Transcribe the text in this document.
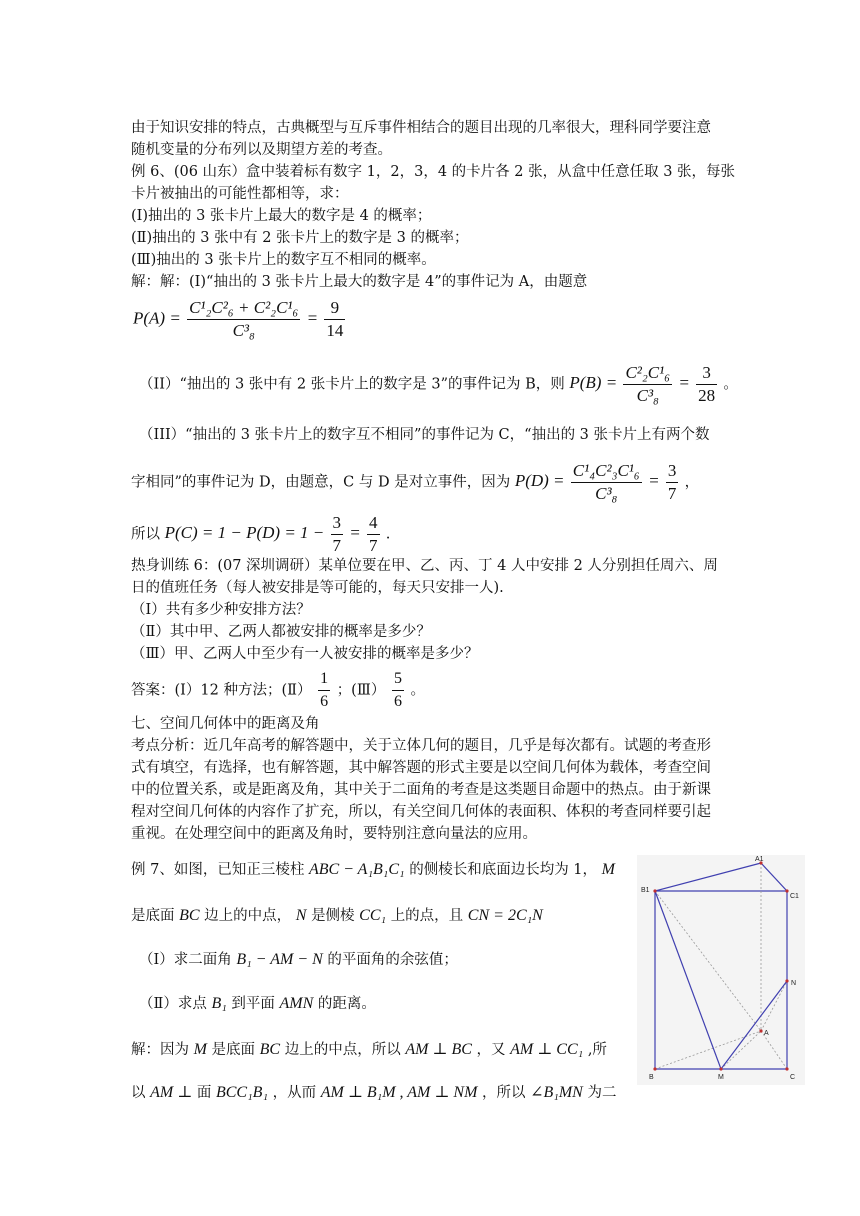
由于知识安排的特点，古典概型与互斥事件相结合的题目出现的几率很大，理科同学要注意
随机变量的分布列以及期望方差的考查。
例 6、(06 山东）盒中装着标有数字 1，2，3，4 的卡片各 2 张，从盒中任意任取 3 张，每张
卡片被抽出的可能性都相等，求：
(Ⅰ)抽出的 3 张卡片上最大的数字是 4 的概率；
(Ⅱ)抽出的 3 张中有 2 张卡片上的数字是 3 的概率；
(Ⅲ)抽出的 3 张卡片上的数字互不相同的概率。
解：解：(I)“抽出的 3 张卡片上最大的数字是 4”的事件记为 A，由题意
$P(A) = \frac{\text{C¹₂C²₆ + C²₂C¹₆}}{\text{C³₈}} = \frac{9}{14}$
（II）“抽出的 3 张中有 2 张卡片上的数字是 3”的事件记为 B，则 $P(B) = \frac{\text{C²₂C¹₆}}{\text{C³₈}} = \frac{3}{28}$ 。
（III）“抽出的 3 张卡片上的数字互不相同”的事件记为 C，“抽出的 3 张卡片上有两个数
字相同”的事件记为 D，由题意，C 与 D 是对立事件，因为 $P(D) = \frac{\text{C¹₄C²₃C¹₆}}{\text{C³₈}} = \frac{3}{7}$ ，
所以 $P(C) = 1 - P(D) = 1 - \frac{3}{7} = \frac{4}{7}$ .
热身训练 6：(07 深圳调研）某单位要在甲、乙、丙、丁 4 人中安排 2 人分别担任周六、周
日的值班任务（每人被安排是等可能的，每天只安排一人).
（Ⅰ）共有多少种安排方法？
（Ⅱ）其中甲、乙两人都被安排的概率是多少？
（Ⅲ）甲、乙两人中至少有一人被安排的概率是多少？
答案：(Ⅰ）12 种方法；(Ⅱ） $\frac{1}{6}$ ；(Ⅲ） $\frac{5}{6}$ 。
七、空间几何体中的距离及角
考点分析：近几年高考的解答题中，关于立体几何的题目，几乎是每次都有。试题的考查形
式有填空，有选择，也有解答题，其中解答题的形式主要是以空间几何体为载体，考查空间
中的位置关系，或是距离及角，其中关于二面角的考查是这类题目命题中的热点。由于新课
程对空间几何体的内容作了扩充，所以，有关空间几何体的表面积、体积的考查同样要引起
重视。在处理空间中的距离及角时，要特别注意向量法的应用。
例 7、如图，已知正三棱柱 ABC − A₁B₁C₁ 的侧棱长和底面边长均为 1， M
是底面 BC 边上的中点， N 是侧棱 CC₁ 上的点，且 CN = 2C₁N
（Ⅰ）求二面角 B₁ − AM − N 的平面角的余弦值；
（Ⅱ）求点 B₁ 到平面 AMN 的距离。
解：因为 M 是底面 BC 边上的中点，所以 AM ⊥ BC ，又 AM ⊥ CC₁ ,所
以 AM ⊥ 面 BCC₁B₁ ，从而 AM ⊥ B₁M , AM ⊥ NM ，所以 ∠B₁MN 为二
A1
B1
C1
N
A
B	M	C
